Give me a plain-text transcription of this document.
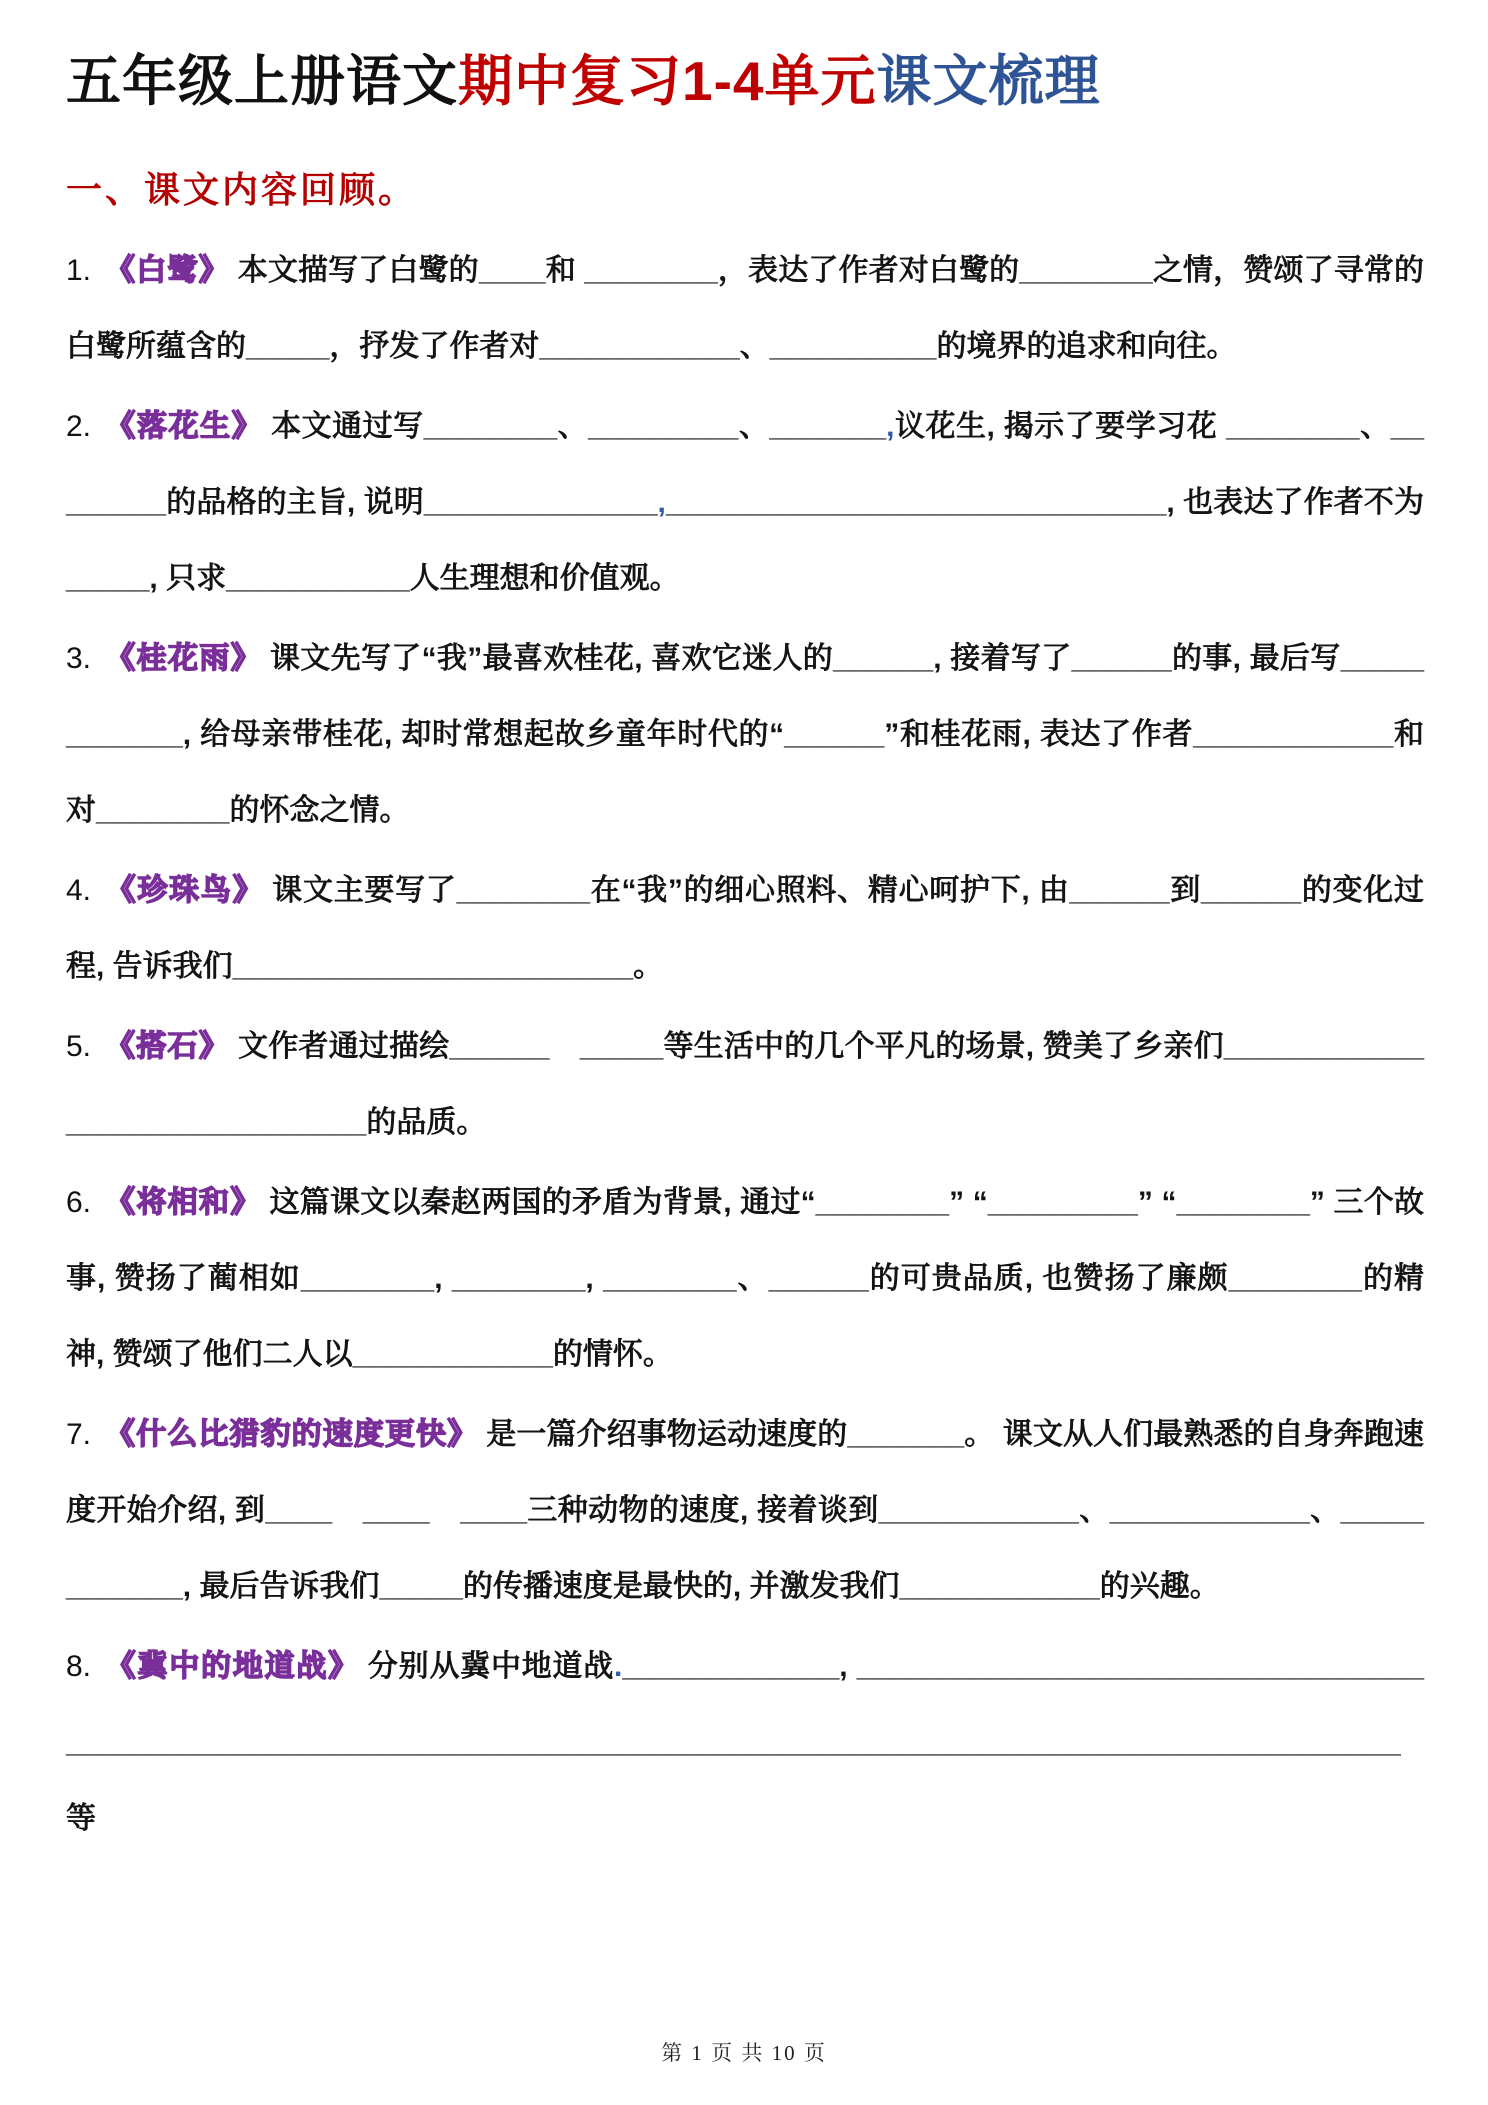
五年级上册语文期中复习1-4单元课文梳理
一、课文内容回顾。

1. 《白鹭》 本文描写了白鹭的____和 ________，表达了作者对白鹭的________之情，赞颂了寻常的白鹭所蕴含的_____，抒发了作者对____________、__________的境界的追求和向往。

2. 《落花生》 本文通过写________、_________、_______,议花生, 揭示了要学习花 ________、________的品格的主旨, 说明______________,______________________________, 也表达了作者不为_____, 只求___________人生理想和价值观。

3. 《桂花雨》 课文先写了“我”最喜欢桂花, 喜欢它迷人的______, 接着写了______的事, 最后写____________, 给母亲带桂花, 却时常想起故乡童年时代的“______”和桂花雨, 表达了作者____________和对________的怀念之情。

4. 《珍珠鸟》 课文主要写了________在“我”的细心照料、精心呵护下, 由______到______的变化过程, 告诉我们________________________。

5. 《搭石》 文作者通过描绘______　_____等生活中的几个平凡的场景, 赞美了乡亲们______________________________的品质。

6. 《将相和》 这篇课文以秦赵两国的矛盾为背景, 通过“________” “_________” “________” 三个故事, 赞扬了蔺相如________, ________, ________、______的可贵品质, 也赞扬了廉颇________的精神, 赞颂了他们二人以____________的情怀。

7. 《什么比猎豹的速度更快》 是一篇介绍事物运动速度的_______。 课文从人们最熟悉的自身奔跑速度开始介绍, 到____　____　____三种动物的速度, 接着谈到____________、____________、____________, 最后告诉我们_____的传播速度是最快的, 并激发我们____________的兴趣。

8. 《冀中的地道战》 分别从冀中地道战._____________, __________________________________________________________________________________________________________________等

第 1 页 共 10 页
